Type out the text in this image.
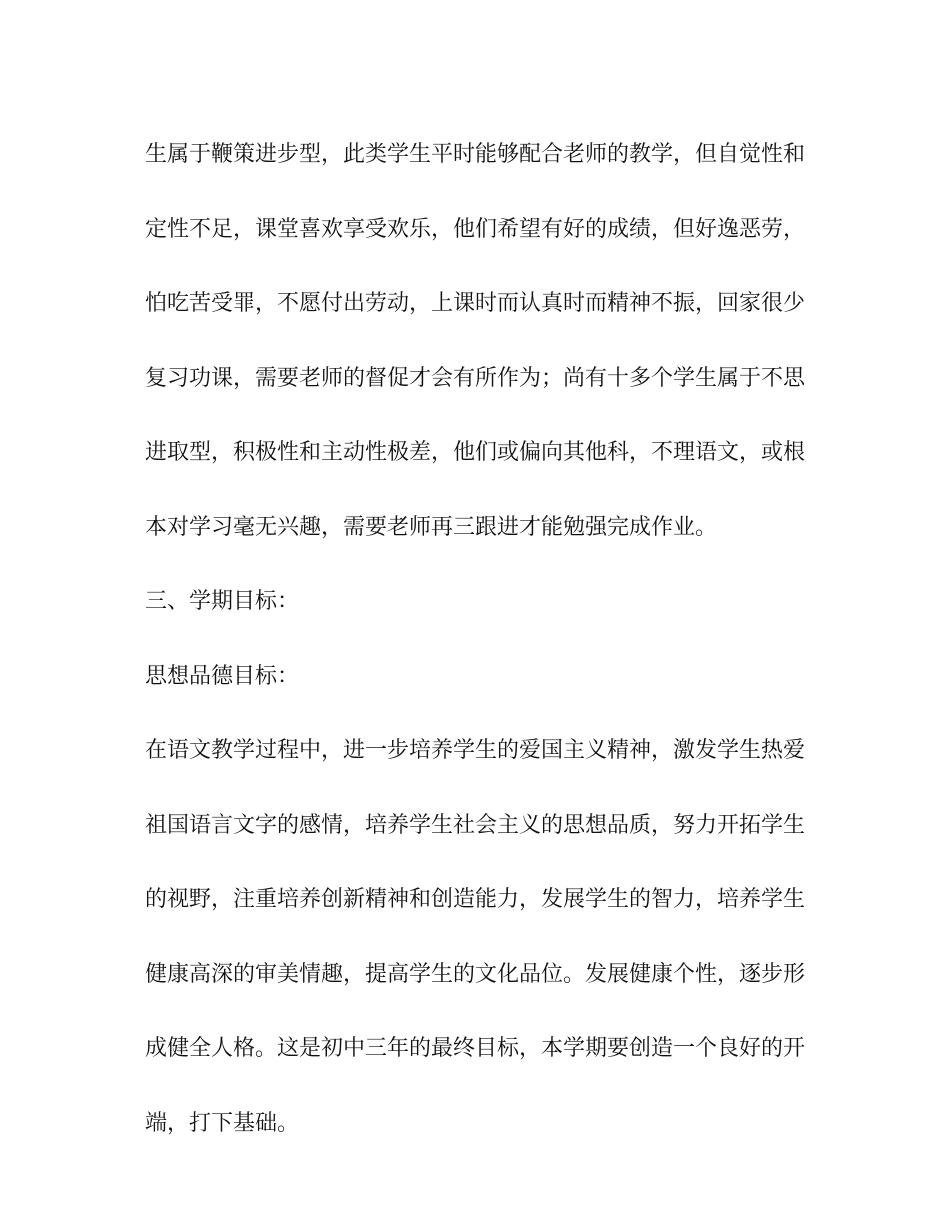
生属于鞭策进步型，此类学生平时能够配合老师的教学，但自觉性和
定性不足，课堂喜欢享受欢乐，他们希望有好的成绩，但好逸恶劳，
怕吃苦受罪，不愿付出劳动，上课时而认真时而精神不振，回家很少
复习功课，需要老师的督促才会有所作为；尚有十多个学生属于不思
进取型，积极性和主动性极差，他们或偏向其他科，不理语文，或根
本对学习毫无兴趣，需要老师再三跟进才能勉强完成作业。
三、学期目标：
思想品德目标：
在语文教学过程中，进一步培养学生的爱国主义精神，激发学生热爱
祖国语言文字的感情，培养学生社会主义的思想品质，努力开拓学生
的视野，注重培养创新精神和创造能力，发展学生的智力，培养学生
健康高深的审美情趣，提高学生的文化品位。发展健康个性，逐步形
成健全人格。这是初中三年的最终目标，本学期要创造一个良好的开
端，打下基础。
